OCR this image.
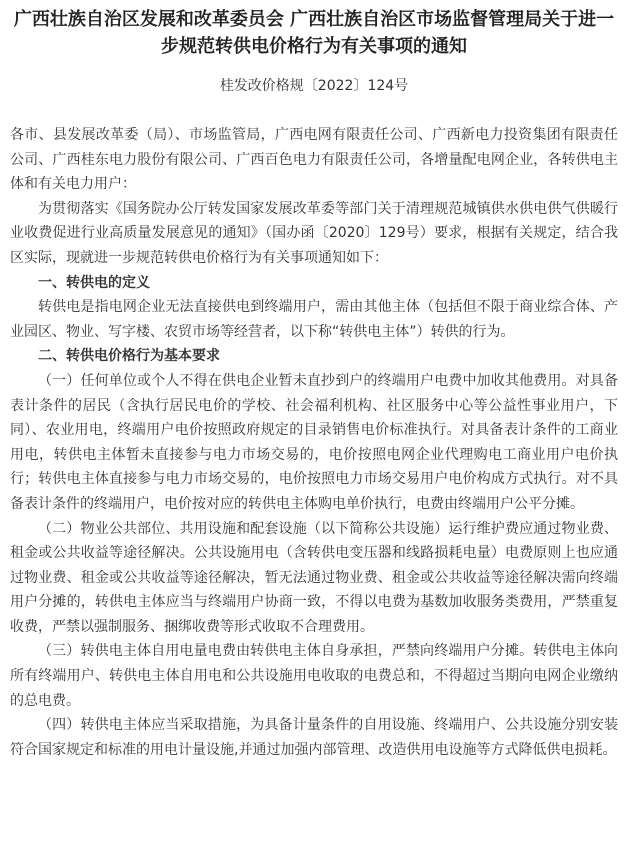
广西壮族自治区发展和改革委员会 广西壮族自治区市场监督管理局关于进一步规范转供电价格行为有关事项的通知
桂发改价格规〔2022〕124号

各市、县发展改革委（局）、市场监管局，广西电网有限责任公司、广西新电力投资集团有限责任公司、广西桂东电力股份有限公司、广西百色电力有限责任公司，各增量配电网企业，各转供电主体和有关电力用户：

为贯彻落实《国务院办公厅转发国家发展改革委等部门关于清理规范城镇供水供电供气供暖行业收费促进行业高质量发展意见的通知》（国办函〔2020〕129号）要求，根据有关规定，结合我区实际，现就进一步规范转供电价格行为有关事项通知如下：

一、转供电的定义

转供电是指电网企业无法直接供电到终端用户，需由其他主体（包括但不限于商业综合体、产业园区、物业、写字楼、农贸市场等经营者，以下称“转供电主体”）转供的行为。

二、转供电价格行为基本要求

（一）任何单位或个人不得在供电企业暂未直抄到户的终端用户电费中加收其他费用。对具备表计条件的居民（含执行居民电价的学校、社会福利机构、社区服务中心等公益性事业用户，下同）、农业用电，终端用户电价按照政府规定的目录销售电价标准执行。对具备表计条件的工商业用电，转供电主体暂未直接参与电力市场交易的，电价按照电网企业代理购电工商业用户电价执行；转供电主体直接参与电力市场交易的，电价按照电力市场交易用户电价构成方式执行。对不具备表计条件的终端用户，电价按对应的转供电主体购电单价执行，电费由终端用户公平分摊。

（二）物业公共部位、共用设施和配套设施（以下简称公共设施）运行维护费应通过物业费、租金或公共收益等途径解决。公共设施用电（含转供电变压器和线路损耗电量）电费原则上也应通过物业费、租金或公共收益等途径解决，暂无法通过物业费、租金或公共收益等途径解决需向终端用户分摊的，转供电主体应当与终端用户协商一致，不得以电费为基数加收服务类费用，严禁重复收费，严禁以强制服务、捆绑收费等形式收取不合理费用。

（三）转供电主体自用电量电费由转供电主体自身承担，严禁向终端用户分摊。转供电主体向所有终端用户、转供电主体自用电和公共设施用电收取的电费总和，不得超过当期向电网企业缴纳的总电费。

（四）转供电主体应当采取措施，为具备计量条件的自用设施、终端用户、公共设施分别安装符合国家规定和标准的用电计量设施,并通过加强内部管理、改造供用电设施等方式降低供电损耗。
